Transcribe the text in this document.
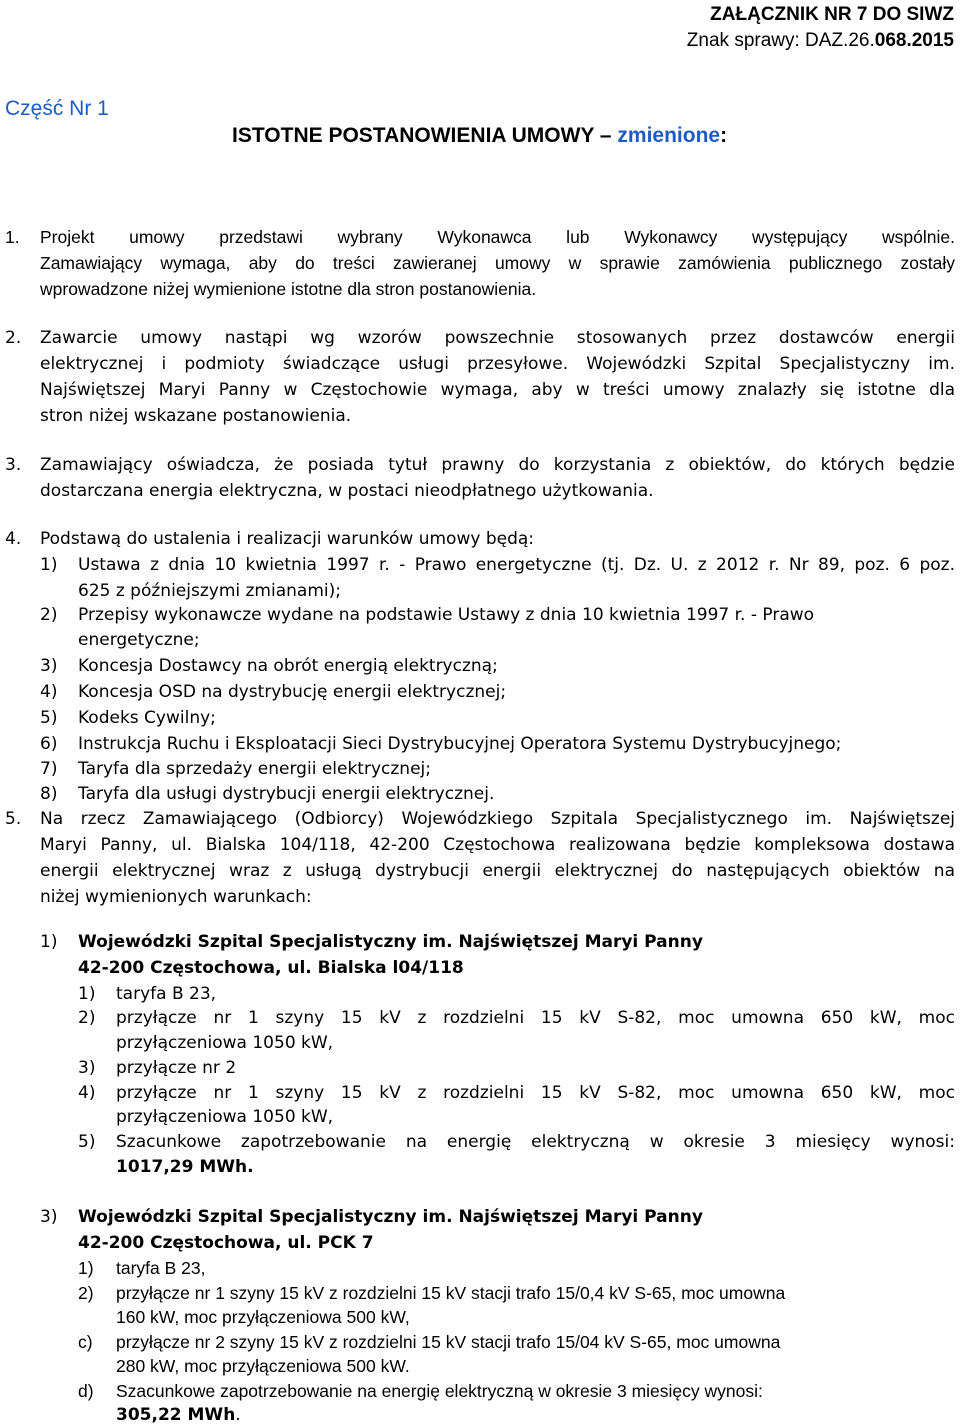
ZAŁĄCZNIK NR 7 DO SIWZ
Znak sprawy: DAZ.26.068.2015
Część Nr 1
ISTOTNE POSTANOWIENIA UMOWY – zmienione:
1. Projekt umowy przedstawi wybrany Wykonawca lub Wykonawcy występujący wspólnie.
Zamawiający wymaga, aby do treści zawieranej umowy w sprawie zamówienia publicznego zostały
wprowadzone niżej wymienione istotne dla stron postanowienia.
2. Zawarcie umowy nastąpi wg wzorów powszechnie stosowanych przez dostawców energii
elektrycznej i podmioty świadczące usługi przesyłowe. Wojewódzki Szpital Specjalistyczny im.
Najświętszej Maryi Panny w Częstochowie wymaga, aby w treści umowy znalazły się istotne dla
stron niżej wskazane postanowienia.
3. Zamawiający oświadcza, że posiada tytuł prawny do korzystania z obiektów, do których będzie
dostarczana energia elektryczna, w postaci nieodpłatnego użytkowania.
4. Podstawą do ustalenia i realizacji warunków umowy będą:
1) Ustawa z dnia 10 kwietnia 1997 r. - Prawo energetyczne (tj. Dz. U. z 2012 r. Nr 89, poz. 6 poz.
625 z późniejszymi zmianami);
2) Przepisy wykonawcze wydane na podstawie Ustawy z dnia 10 kwietnia 1997 r. - Prawo
energetyczne;
3) Koncesja Dostawcy na obrót energią elektryczną;
4) Koncesja OSD na dystrybucję energii elektrycznej;
5) Kodeks Cywilny;
6) Instrukcja Ruchu i Eksploatacji Sieci Dystrybucyjnej Operatora Systemu Dystrybucyjnego;
7) Taryfa dla sprzedaży energii elektrycznej;
8) Taryfa dla usługi dystrybucji energii elektrycznej.
5. Na rzecz Zamawiającego (Odbiorcy) Wojewódzkiego Szpitala Specjalistycznego im. Najświętszej
Maryi Panny, ul. Bialska 104/118, 42-200 Częstochowa realizowana będzie kompleksowa dostawa
energii elektrycznej wraz z usługą dystrybucji energii elektrycznej do następujących obiektów na
niżej wymienionych warunkach:
1) Wojewódzki Szpital Specjalistyczny im. Najświętszej Maryi Panny
42-200 Częstochowa, ul. Bialska l04/118
1) taryfa B 23,
2) przyłącze nr 1 szyny 15 kV z rozdzielni 15 kV S-82, moc umowna 650 kW, moc
przyłączeniowa 1050 kW,
3) przyłącze nr 2
4) przyłącze nr 1 szyny 15 kV z rozdzielni 15 kV S-82, moc umowna 650 kW, moc
przyłączeniowa 1050 kW,
5) Szacunkowe zapotrzebowanie na energię elektryczną w okresie 3 miesięcy wynosi:
1017,29 MWh.
3) Wojewódzki Szpital Specjalistyczny im. Najświętszej Maryi Panny
42-200 Częstochowa, ul. PCK 7
1) taryfa B 23,
2) przyłącze nr 1 szyny 15 kV z rozdzielni 15 kV stacji trafo 15/0,4 kV S-65, moc umowna
160 kW, moc przyłączeniowa 500 kW,
c) przyłącze nr 2 szyny 15 kV z rozdzielni 15 kV stacji trafo 15/04 kV S-65, moc umowna
280 kW, moc przyłączeniowa 500 kW.
d) Szacunkowe zapotrzebowanie na energię elektryczną w okresie 3 miesięcy wynosi:
305,22 MWh.
